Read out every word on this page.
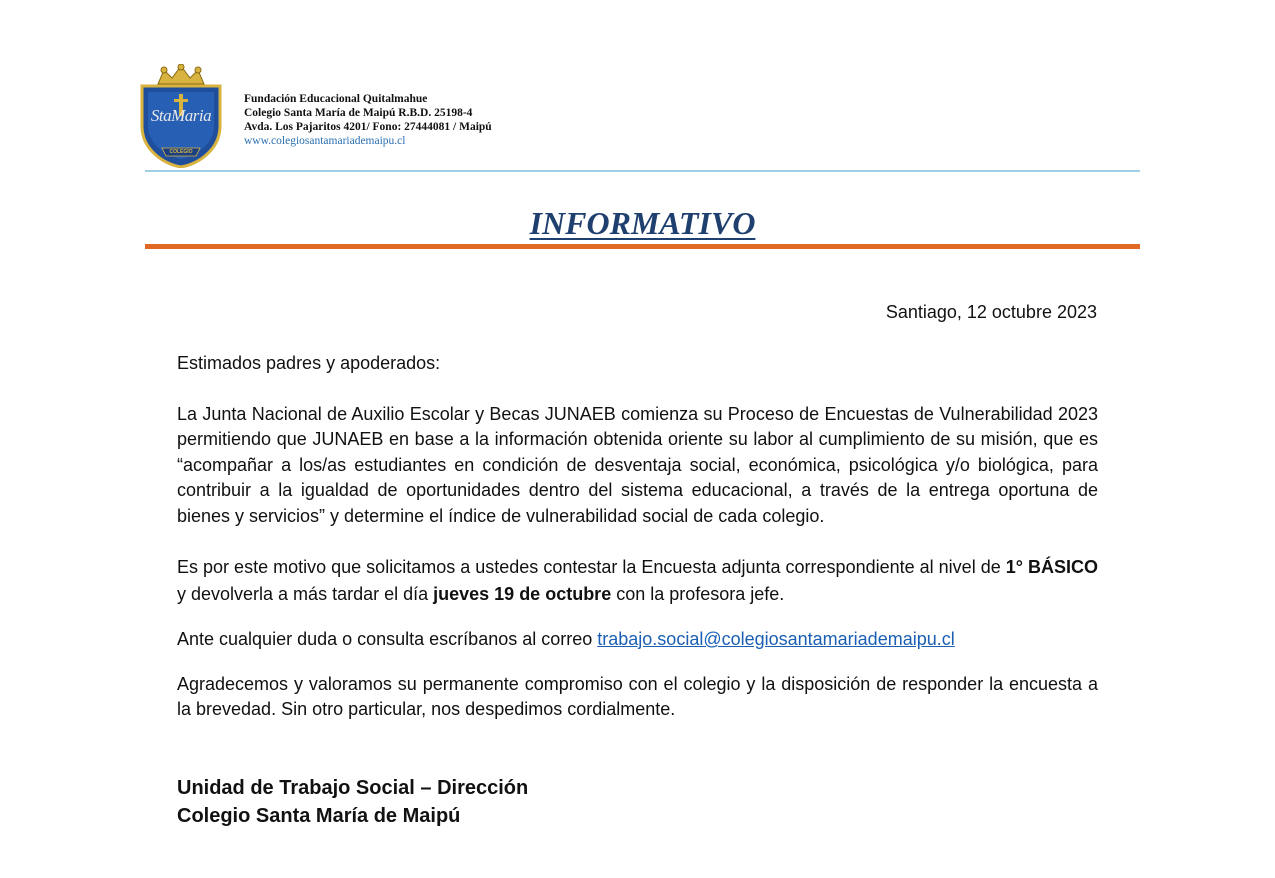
StaMaria
COLEGIO
Fundación Educacional Quitalmahue
Colegio Santa María de Maipú R.B.D. 25198-4
Avda. Los Pajaritos 4201/ Fono: 27444081 / Maipú
www.colegiosantamariademaipu.cl
INFORMATIVO
Santiago, 12 octubre 2023

Estimados padres y apoderados:

La Junta Nacional de Auxilio Escolar y Becas JUNAEB comienza su Proceso de Encuestas de Vulnerabilidad 2023 permitiendo que JUNAEB en base a la información obtenida oriente su labor al cumplimiento de su misión, que es “acompañar a los/as estudiantes en condición de desventaja social, económica, psicológica y/o biológica, para contribuir a la igualdad de oportunidades dentro del sistema educacional, a través de la entrega oportuna de bienes y servicios” y determine el índice de vulnerabilidad social de cada colegio.

Es por este motivo que solicitamos a ustedes contestar la Encuesta adjunta correspondiente al nivel de 1° BÁSICO y devolverla a más tardar el día jueves 19 de octubre con la profesora jefe.

Ante cualquier duda o consulta escríbanos al correo trabajo.social@colegiosantamariademaipu.cl

Agradecemos y valoramos su permanente compromiso con el colegio y la disposición de responder la encuesta a la brevedad. Sin otro particular, nos despedimos cordialmente.

Unidad de Trabajo Social – Dirección
Colegio Santa María de Maipú
